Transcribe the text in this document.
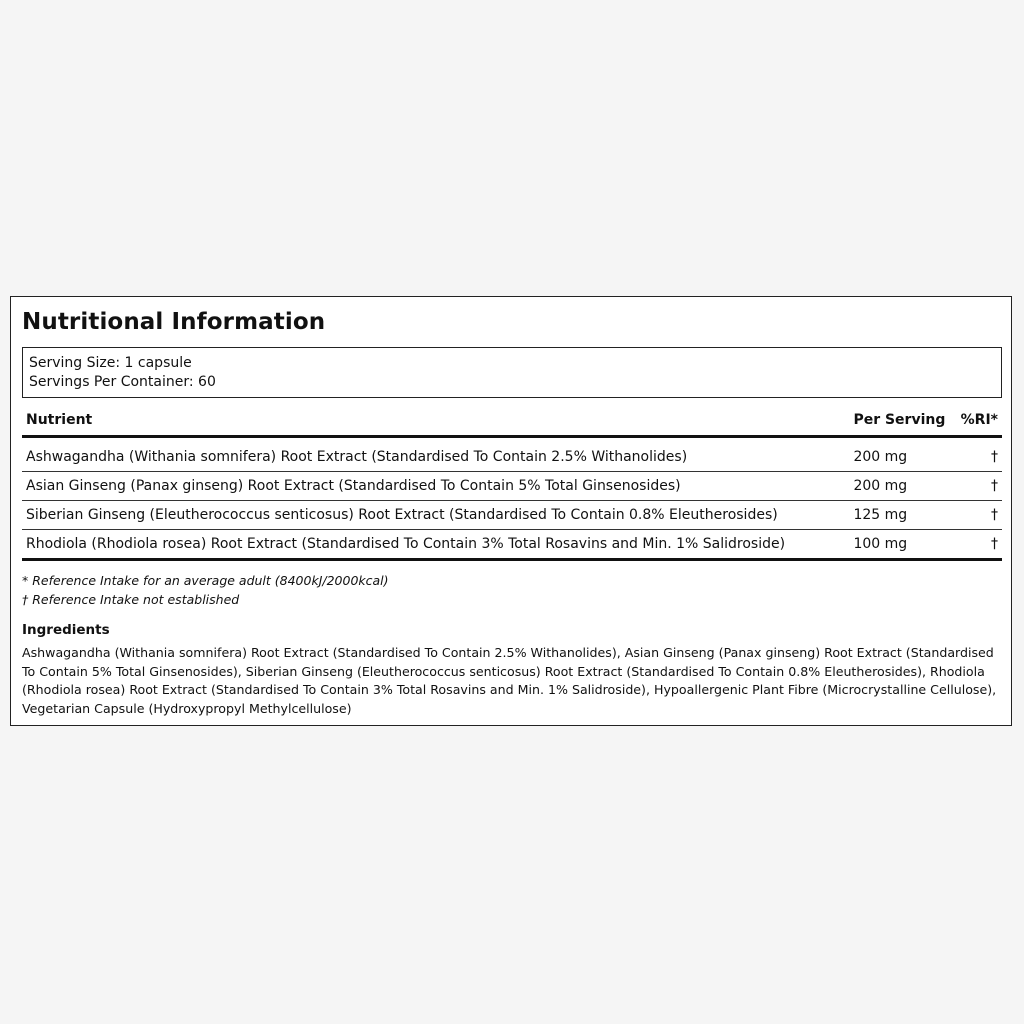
Nutritional Information
Serving Size: 1 capsule
Servings Per Container: 60
Nutrient	Per Serving	%RI*
Ashwagandha (Withania somnifera) Root Extract (Standardised To Contain 2.5% Withanolides)	200 mg	†
Asian Ginseng (Panax ginseng) Root Extract (Standardised To Contain 5% Total Ginsenosides)	200 mg	†
Siberian Ginseng (Eleutherococcus senticosus) Root Extract (Standardised To Contain 0.8% Eleutherosides)	125 mg	†
Rhodiola (Rhodiola rosea) Root Extract (Standardised To Contain 3% Total Rosavins and Min. 1% Salidroside)	100 mg	†
* Reference Intake for an average adult (8400kJ/2000kcal)
† Reference Intake not established
Ingredients

Ashwagandha (Withania somnifera) Root Extract (Standardised To Contain 2.5% Withanolides), Asian Ginseng (Panax ginseng) Root Extract (Standardised To Contain 5% Total Ginsenosides), Siberian Ginseng (Eleutherococcus senticosus) Root Extract (Standardised To Contain 0.8% Eleutherosides), Rhodiola (Rhodiola rosea) Root Extract (Standardised To Contain 3% Total Rosavins and Min. 1% Salidroside), Hypoallergenic Plant Fibre (Microcrystalline Cellulose), Vegetarian Capsule (Hydroxypropyl Methylcellulose)
